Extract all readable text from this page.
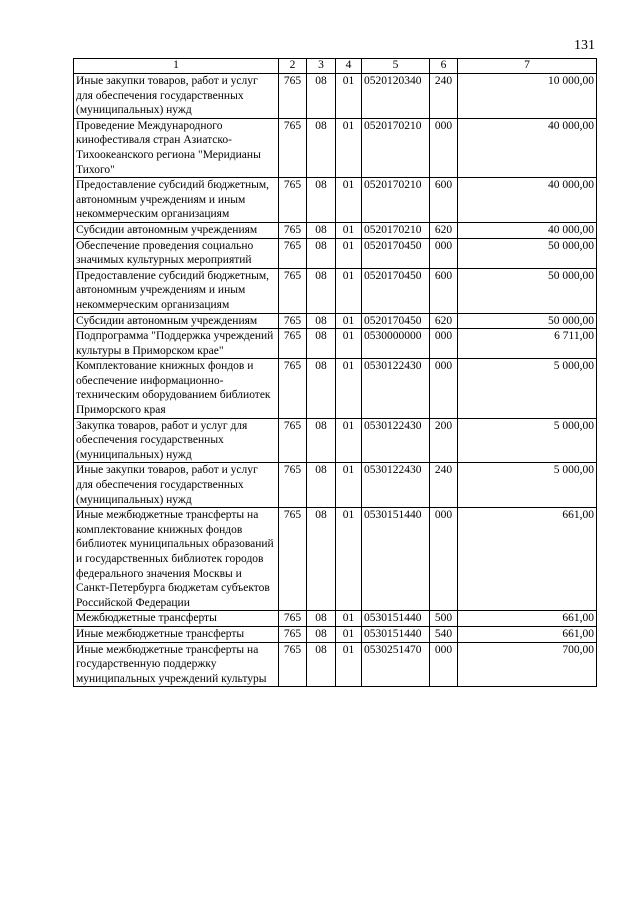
131
1	2	3	4	5	6	7
Иные закупки товаров, работ и услуг для обеспечения государственных (муниципальных) нужд	765	08	01	0520120340	240	10 000,00
Проведение Международного кинофестиваля стран Азиатско-Тихоокеанского региона "Меридианы Тихого"	765	08	01	0520170210	000	40 000,00
Предоставление субсидий бюджетным, автономным учреждениям и иным некоммерческим организациям	765	08	01	0520170210	600	40 000,00
Субсидии автономным учреждениям	765	08	01	0520170210	620	40 000,00
Обеспечение проведения социально значимых культурных мероприятий	765	08	01	0520170450	000	50 000,00
Предоставление субсидий бюджетным, автономным учреждениям и иным некоммерческим организациям	765	08	01	0520170450	600	50 000,00
Субсидии автономным учреждениям	765	08	01	0520170450	620	50 000,00
Подпрограмма "Поддержка учреждений культуры в Приморском крае"	765	08	01	0530000000	000	6 711,00
Комплектование книжных фондов и обеспечение информационно-техническим оборудованием библиотек Приморского края	765	08	01	0530122430	000	5 000,00
Закупка товаров, работ и услуг для обеспечения государственных (муниципальных) нужд	765	08	01	0530122430	200	5 000,00
Иные закупки товаров, работ и услуг для обеспечения государственных (муниципальных) нужд	765	08	01	0530122430	240	5 000,00
Иные межбюджетные трансферты на комплектование книжных фондов библиотек муниципальных образований и государственных библиотек городов федерального значения Москвы и Санкт-Петербурга бюджетам субъектов Российской Федерации	765	08	01	0530151440	000	661,00
Межбюджетные трансферты	765	08	01	0530151440	500	661,00
Иные межбюджетные трансферты	765	08	01	0530151440	540	661,00
Иные межбюджетные трансферты на государственную поддержку муниципальных учреждений культуры	765	08	01	0530251470	000	700,00
